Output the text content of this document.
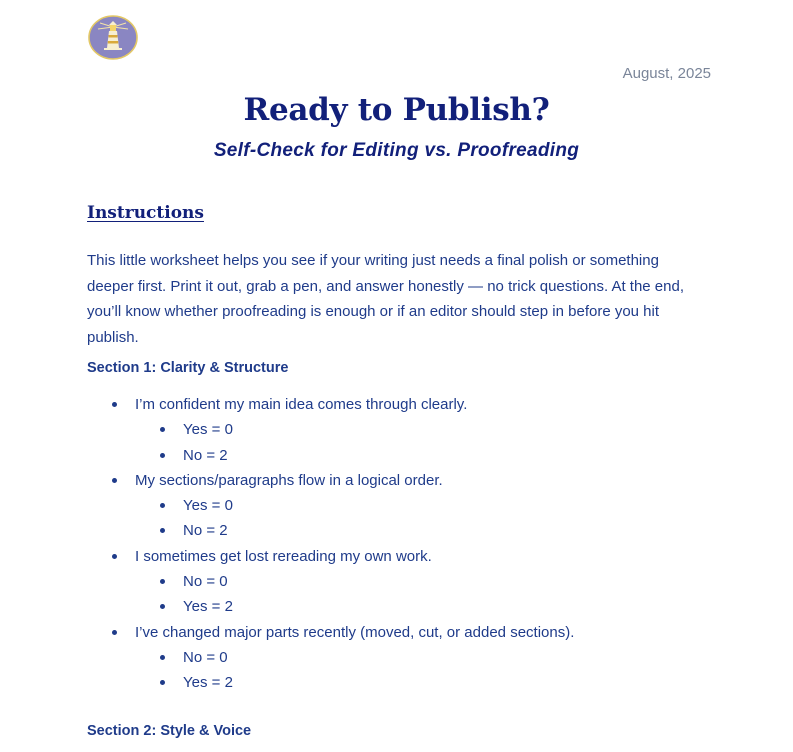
August, 2025
Ready to Publish?
Self-Check for Editing vs. Proofreading
Instructions
This little worksheet helps you see if your writing just needs a final polish or something deeper first. Print it out, grab a pen, and answer honestly — no trick questions. At the end, you’ll know whether proofreading is enough or if an editor should step in before you hit publish.
Section 1: Clarity & Structure
I’m confident my main idea comes through clearly.
Yes = 0
No = 2
My sections/paragraphs flow in a logical order.
Yes = 0
No = 2
I sometimes get lost rereading my own work.
No = 0
Yes = 2
I’ve changed major parts recently (moved, cut, or added sections).
No = 0
Yes = 2
Section 2: Style & Voice
